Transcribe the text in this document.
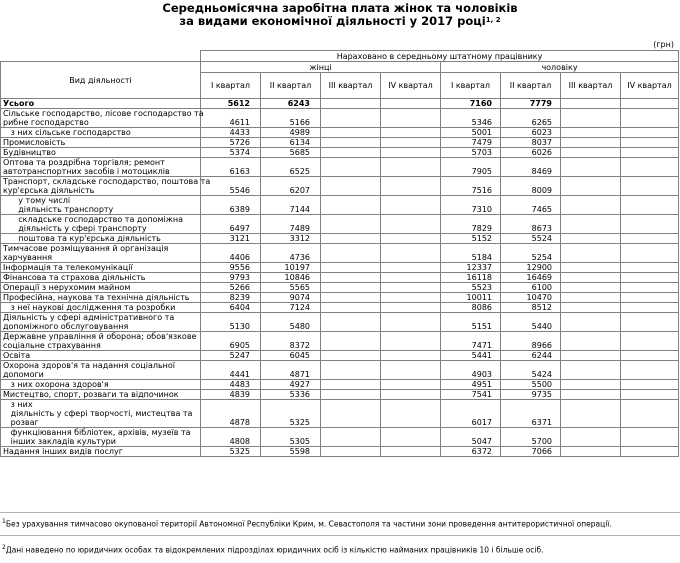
Середньомісячна заробітна плата жінок та чоловіків
за видами економічної діяльності у 2017 році$^{1, 2}$
(грн)
	Нараховано в середньому штатному працівнику							
Вид діяльності	жінці				чоловіку			
	I квартал	II квартал	III квартал	IV квартал	I квартал	II квартал	III квартал	IV квартал
Усього	5612	6243			7160	7779		
Сільське господарство, лісове господарство та
рибне господарство	4611	5166			5346	6265		
з них сільське господарство	4433	4989			5001	6023		
Промисловість	5726	6134			7479	8037		
Будівництво	5374	5685			5703	6026		
Оптова та роздрібна торгівля; ремонт
автотранспортних засобів і мотоциклів	6163	6525			7905	8469		
Транспорт, складське господарство, поштова та
кур'єрська діяльність	5546	6207			7516	8009		
у тому числі
діяльність транспорту	6389	7144			7310	7465		
складське господарство та допоміжна
діяльність у сфері транспорту	6497	7489			7829	8673		
поштова та кур'єрська діяльність	3121	3312			5152	5524		
Тимчасове розміщування й організація
харчування	4406	4736			5184	5254		
Інформація та телекомунікації	9556	10197			12337	12900		
Фінансова та страхова діяльність	9793	10846			16118	16469		
Операції з нерухомим майном	5266	5565			5523	6100		
Професійна, наукова та технічна діяльність	8239	9074			10011	10470		
з неї наукові дослідження та розробки	6404	7124			8086	8512		
Діяльність у сфері адміністративного та
допоміжного обслуговування	5130	5480			5151	5440		
Державне управління й оборона; обов'язкове
соціальне страхування	6905	8372			7471	8966		
Освіта	5247	6045			5441	6244		
Охорона здоров'я та надання соціальної
допомоги	4441	4871			4903	5424		
з них охорона здоров'я	4483	4927			4951	5500		
Мистецтво, спорт, розваги та відпочинок	4839	5336			7541	9735		
з них
діяльність у сфері творчості, мистецтва та
розваг	4878	5325			6017	6371		
функціювання бібліотек, архівів, музеїв та
інших закладів культури	4808	5305			5047	5700		
Надання інших видів послуг	5325	5598			6372	7066		
$^1$Без урахування тимчасово окупованої території Автономної Республіки Крим, м. Севастополя та частини зони проведення антитерористичної операції.
$^2$Дані наведено по юридичних особах та відокремлених підрозділах юридичних осіб із кількістю найманих працівників 10 і більше осіб.
